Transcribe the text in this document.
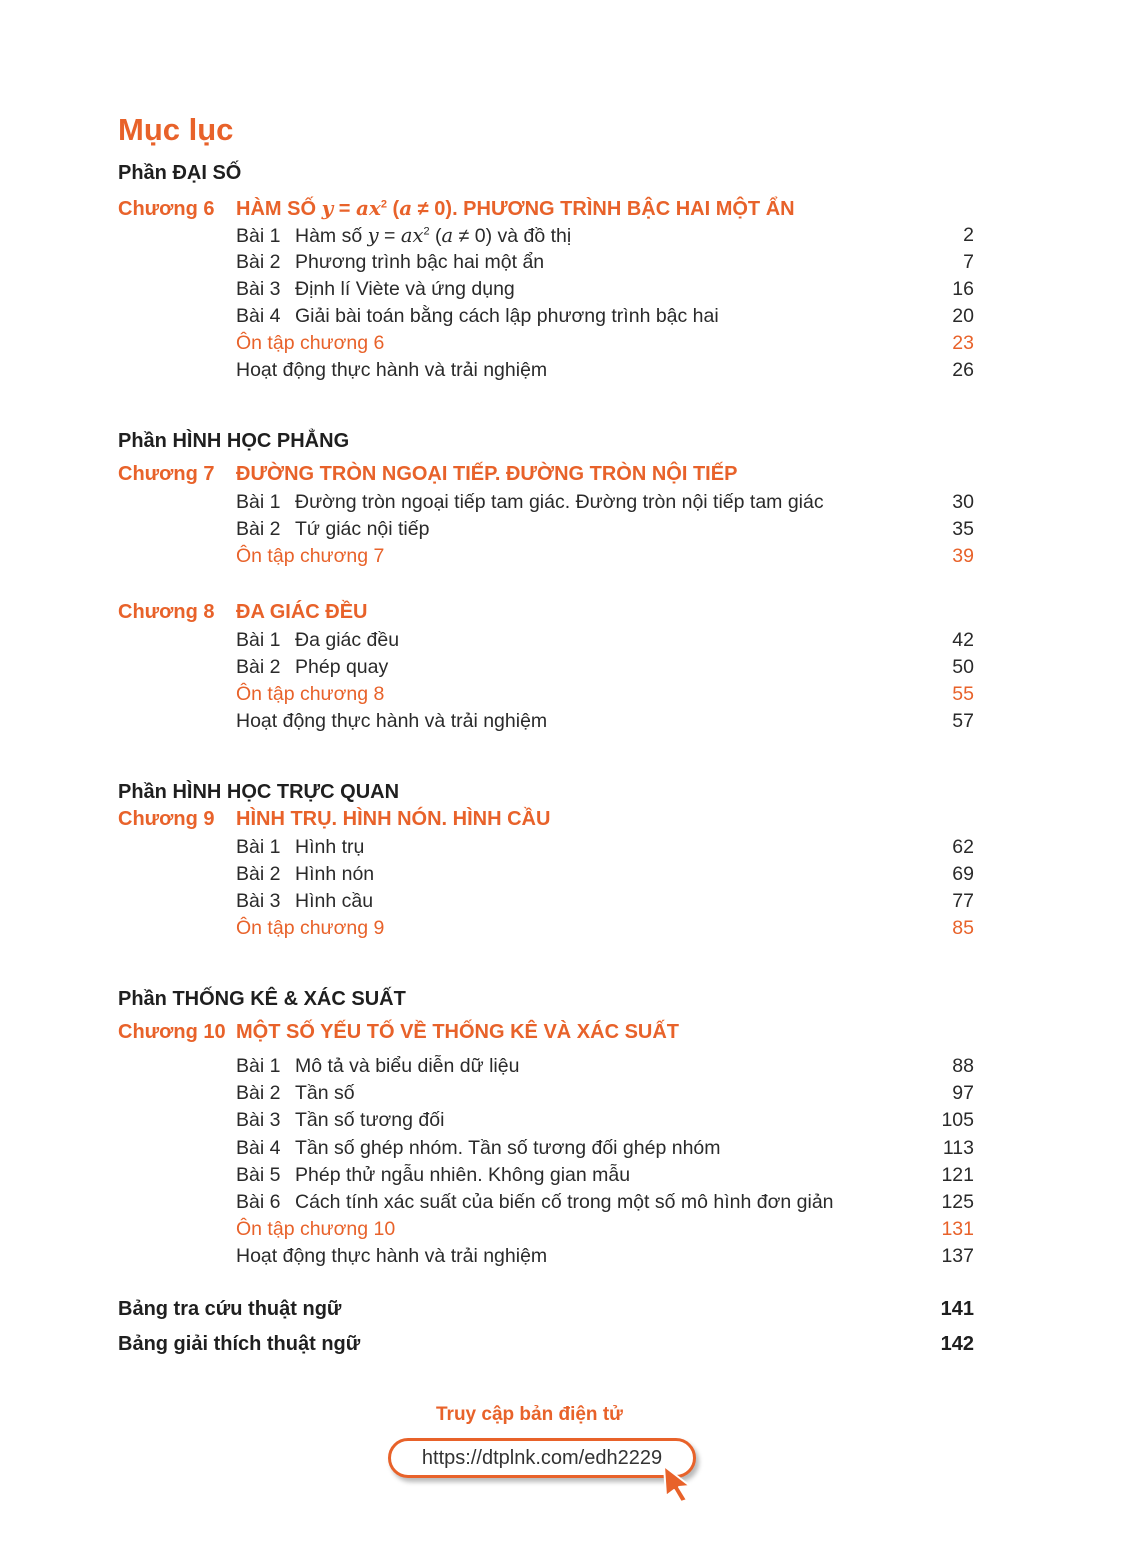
Mục lục
Phần ĐẠI SỐ
Chương 6 HÀM SỐ $y = ax^2$ (a ≠ 0). PHƯƠNG TRÌNH BẬC HAI MỘT ẨN
Bài 1 Hàm số $y = ax^2$ (a ≠ 0) và đồ thị	2
Bài 2 Phương trình bậc hai một ẩn	7
Bài 3 Định lí Viète và ứng dụng	16
Bài 4 Giải bài toán bằng cách lập phương trình bậc hai	20
Ôn tập chương 6	23
Hoạt động thực hành và trải nghiệm	26
Phần HÌNH HỌC PHẲNG
Chương 7 ĐƯỜNG TRÒN NGOẠI TIẾP. ĐƯỜNG TRÒN NỘI TIẾP
Bài 1 Đường tròn ngoại tiếp tam giác. Đường tròn nội tiếp tam giác	30
Bài 2 Tứ giác nội tiếp	35
Ôn tập chương 7	39
Chương 8 ĐA GIÁC ĐỀU
Bài 1 Đa giác đều	42
Bài 2 Phép quay	50
Ôn tập chương 8	55
Hoạt động thực hành và trải nghiệm	57
Phần HÌNH HỌC TRỰC QUAN
Chương 9 HÌNH TRỤ. HÌNH NÓN. HÌNH CẦU
Bài 1 Hình trụ	62
Bài 2 Hình nón	69
Bài 3 Hình cầu	77
Ôn tập chương 9	85
Phần THỐNG KÊ & XÁC SUẤT
Chương 10 MỘT SỐ YẾU TỐ VỀ THỐNG KÊ VÀ XÁC SUẤT
Bài 1 Mô tả và biểu diễn dữ liệu	88
Bài 2 Tần số	97
Bài 3 Tần số tương đối	105
Bài 4 Tần số ghép nhóm. Tần số tương đối ghép nhóm	113
Bài 5 Phép thử ngẫu nhiên. Không gian mẫu	121
Bài 6 Cách tính xác suất của biến cố trong một số mô hình đơn giản	125
Ôn tập chương 10	131
Hoạt động thực hành và trải nghiệm	137
Bảng tra cứu thuật ngữ	141
Bảng giải thích thuật ngữ	142
Truy cập bản điện tử
https://dtplnk.com/edh2229
